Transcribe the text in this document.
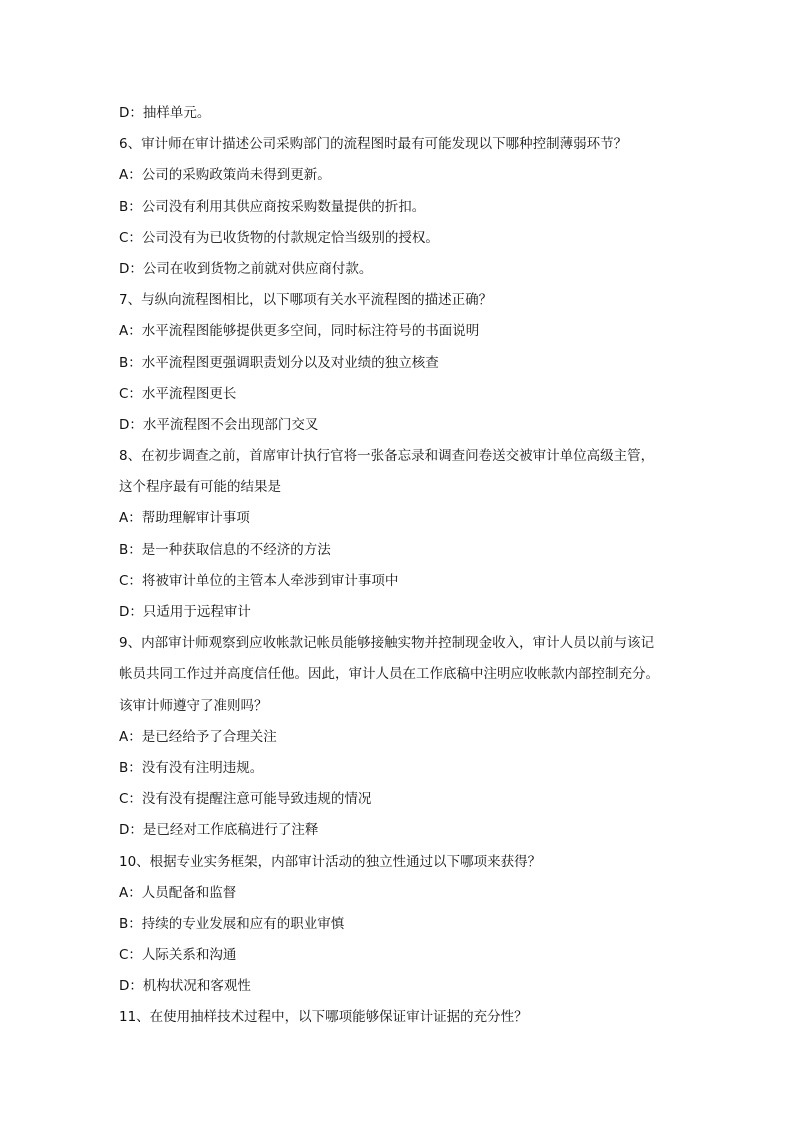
D：抽样单元。
6、审计师在审计描述公司采购部门的流程图时最有可能发现以下哪种控制薄弱环节？
A：公司的采购政策尚未得到更新。
B：公司没有利用其供应商按采购数量提供的折扣。
C：公司没有为已收货物的付款规定恰当级别的授权。
D：公司在收到货物之前就对供应商付款。
7、与纵向流程图相比，以下哪项有关水平流程图的描述正确？
A：水平流程图能够提供更多空间，同时标注符号的书面说明
B：水平流程图更强调职责划分以及对业绩的独立核查
C：水平流程图更长
D：水平流程图不会出现部门交叉
8、在初步调查之前，首席审计执行官将一张备忘录和调查问卷送交被审计单位高级主管，
这个程序最有可能的结果是
A：帮助理解审计事项
B：是一种获取信息的不经济的方法
C：将被审计单位的主管本人牵涉到审计事项中
D：只适用于远程审计
9、内部审计师观察到应收帐款记帐员能够接触实物并控制现金收入，审计人员以前与该记
帐员共同工作过并高度信任他。因此，审计人员在工作底稿中注明应收帐款内部控制充分。
该审计师遵守了准则吗？
A：是已经给予了合理关注
B：没有没有注明违规。
C：没有没有提醒注意可能导致违规的情况
D：是已经对工作底稿进行了注释
10、根据专业实务框架，内部审计活动的独立性通过以下哪项来获得？
A：人员配备和监督
B：持续的专业发展和应有的职业审慎
C：人际关系和沟通
D：机构状况和客观性
11、在使用抽样技术过程中，以下哪项能够保证审计证据的充分性？
